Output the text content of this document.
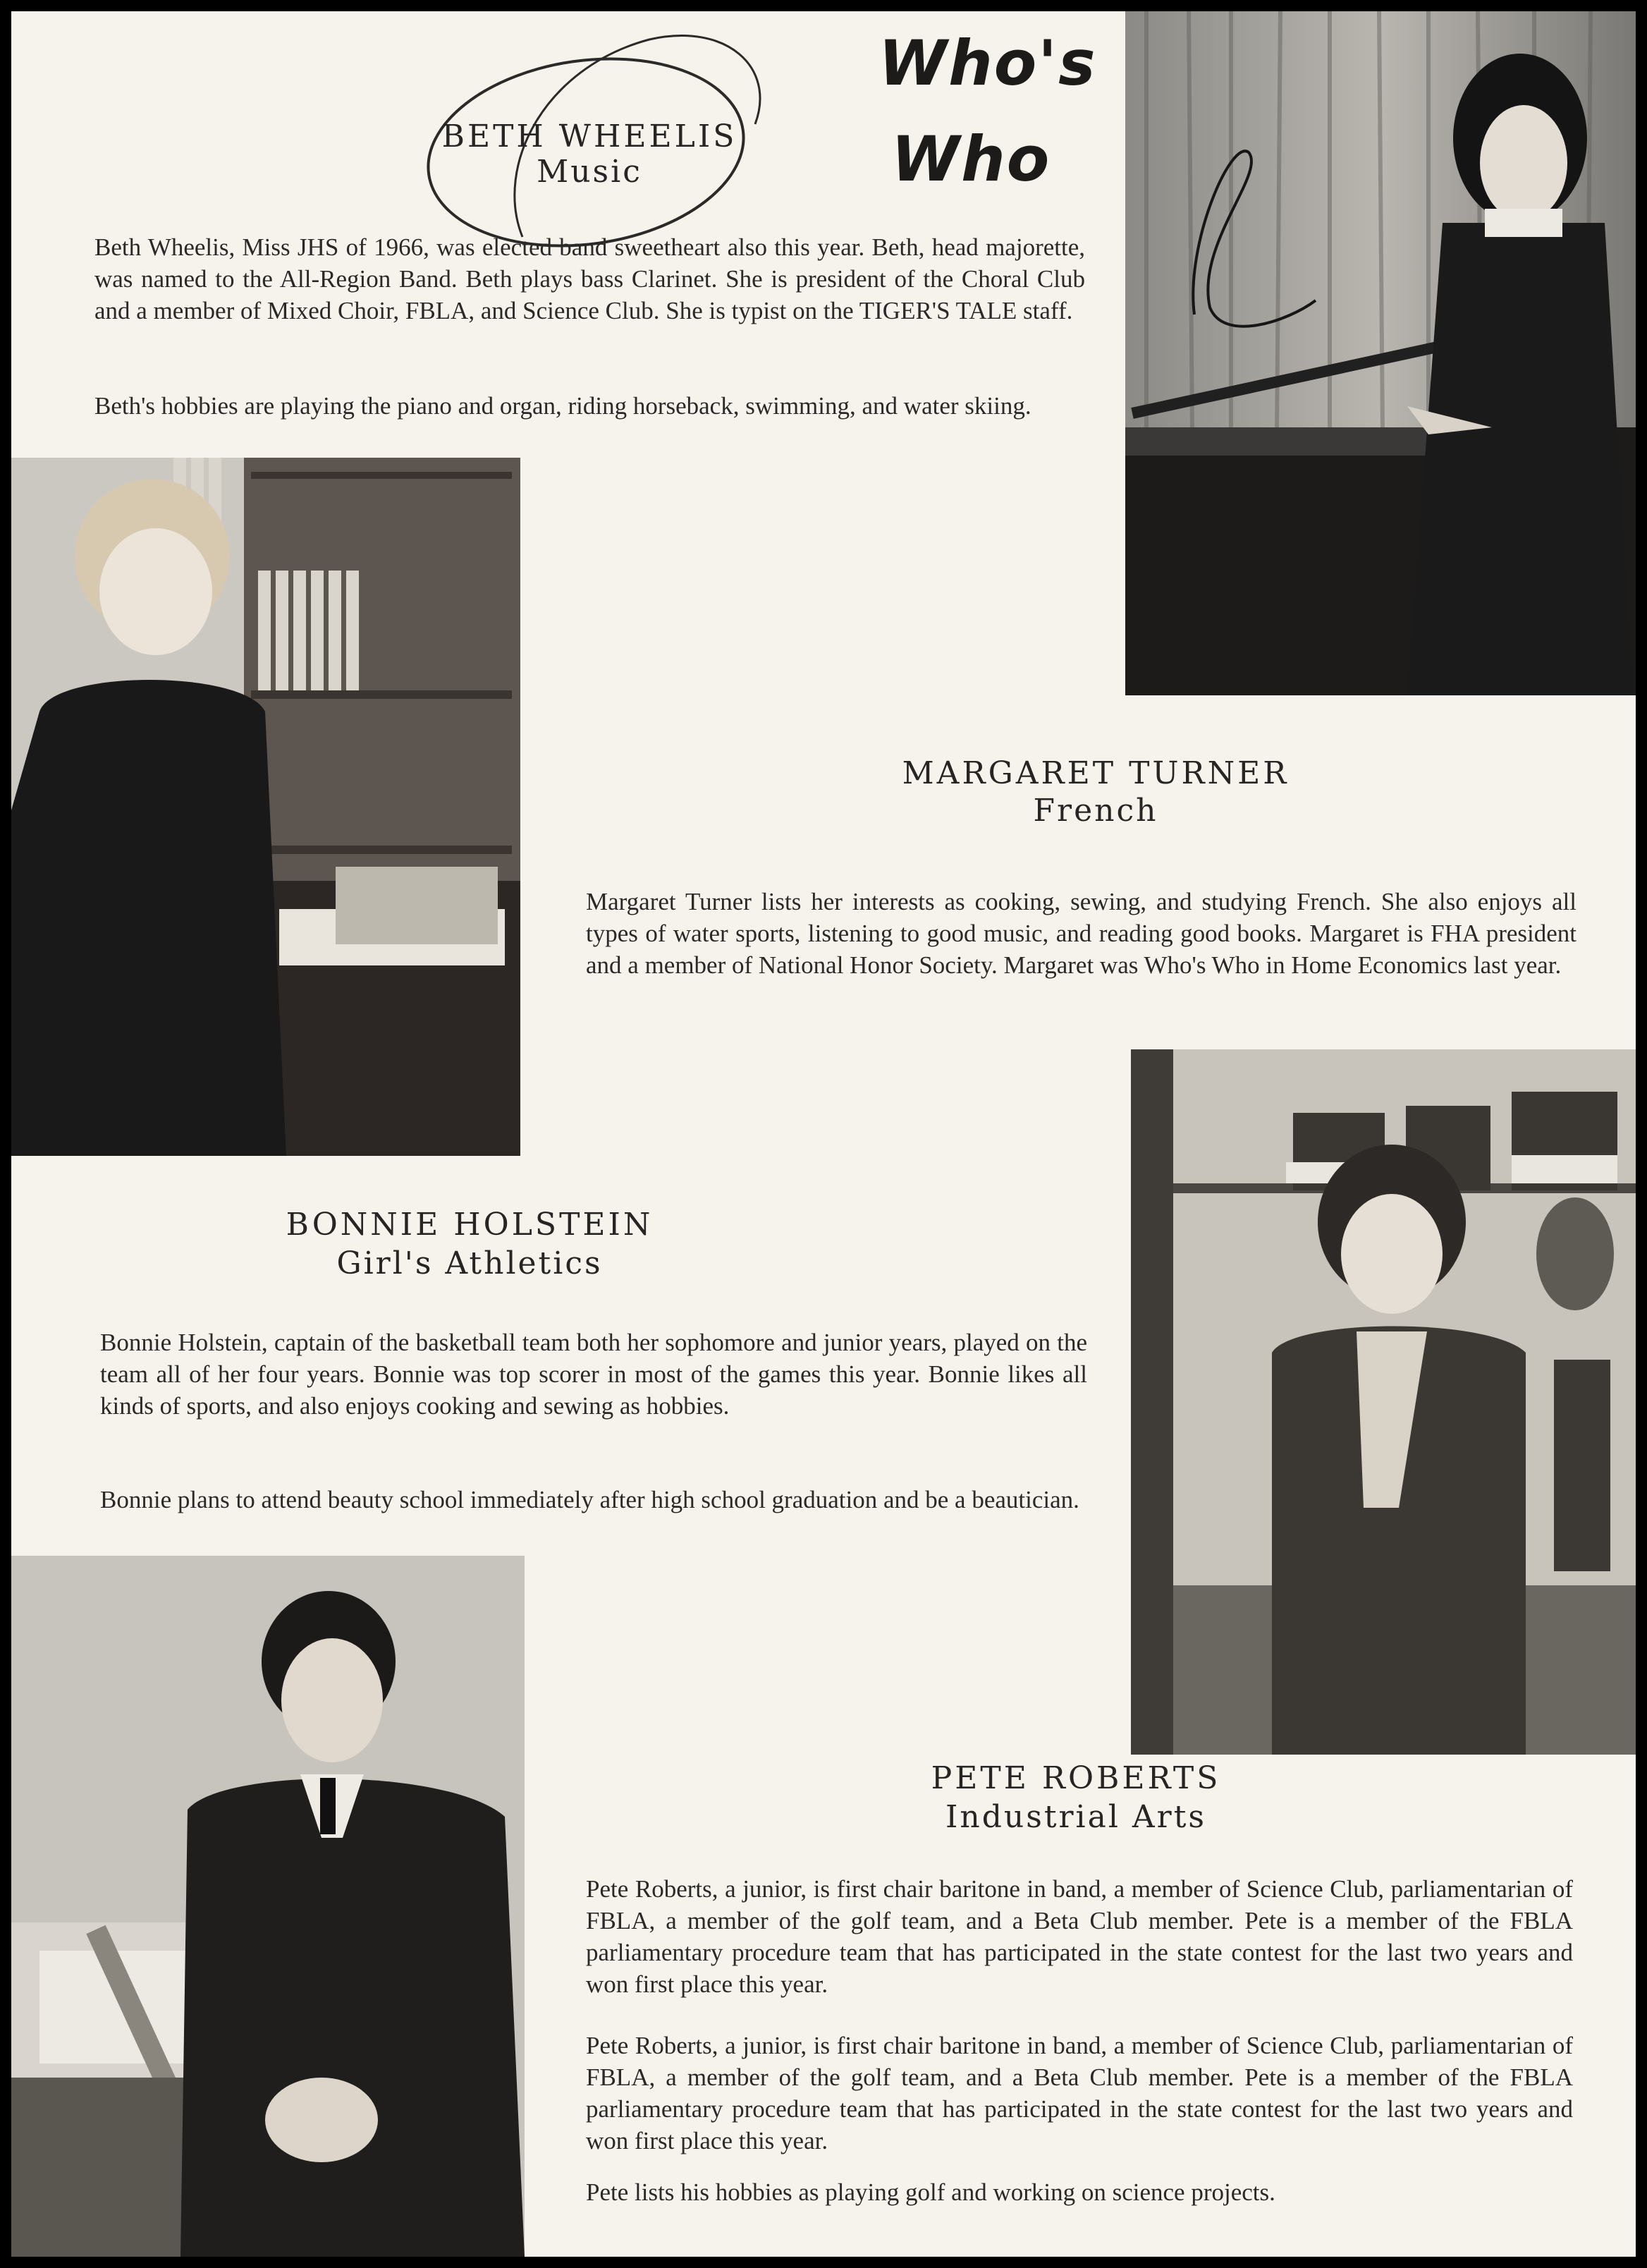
Who's
Who
BETH WHEELIS
Music

Beth Wheelis, Miss JHS of 1966, was elected band sweetheart also this year. Beth, head majorette, was named to the All-Region Band. Beth plays bass Clarinet. She is president of the Choral Club and a member of Mixed Choir, FBLA, and Science Club. She is typist on the TIGER'S TALE staff.

Beth's hobbies are playing the piano and organ, riding horseback, swimming, and water skiing.

MARGARET TURNER
French

Margaret Turner lists her interests as cooking, sewing, and studying French. She also enjoys all types of water sports, listening to good music, and reading good books. Margaret is FHA president and a member of National Honor Society. Margaret was Who's Who in Home Economics last year.

BONNIE HOLSTEIN
Girl's Athletics

Bonnie Holstein, captain of the basketball team both her sophomore and junior years, played on the team all of her four years. Bonnie was top scorer in most of the games this year. Bonnie likes all kinds of sports, and also enjoys cooking and sewing as hobbies.

Bonnie plans to attend beauty school immediately after high school graduation and be a beautician.

PETE ROBERTS
Industrial Arts

Pete Roberts, a junior, is first chair baritone in band, a member of Science Club, parliamentarian of FBLA, a member of the golf team, and a Beta Club member. Pete is a member of the FBLA parliamentary procedure team that has participated in the state contest for the last two years and won first place this year.

Pete Roberts, a junior, is first chair baritone in band, a member of Science Club, parliamentarian of FBLA, a member of the golf team, and a Beta Club member. Pete is a member of the FBLA parliamentary procedure team that has participated in the state contest for the last two years and won first place this year.

Pete lists his hobbies as playing golf and working on science projects.
